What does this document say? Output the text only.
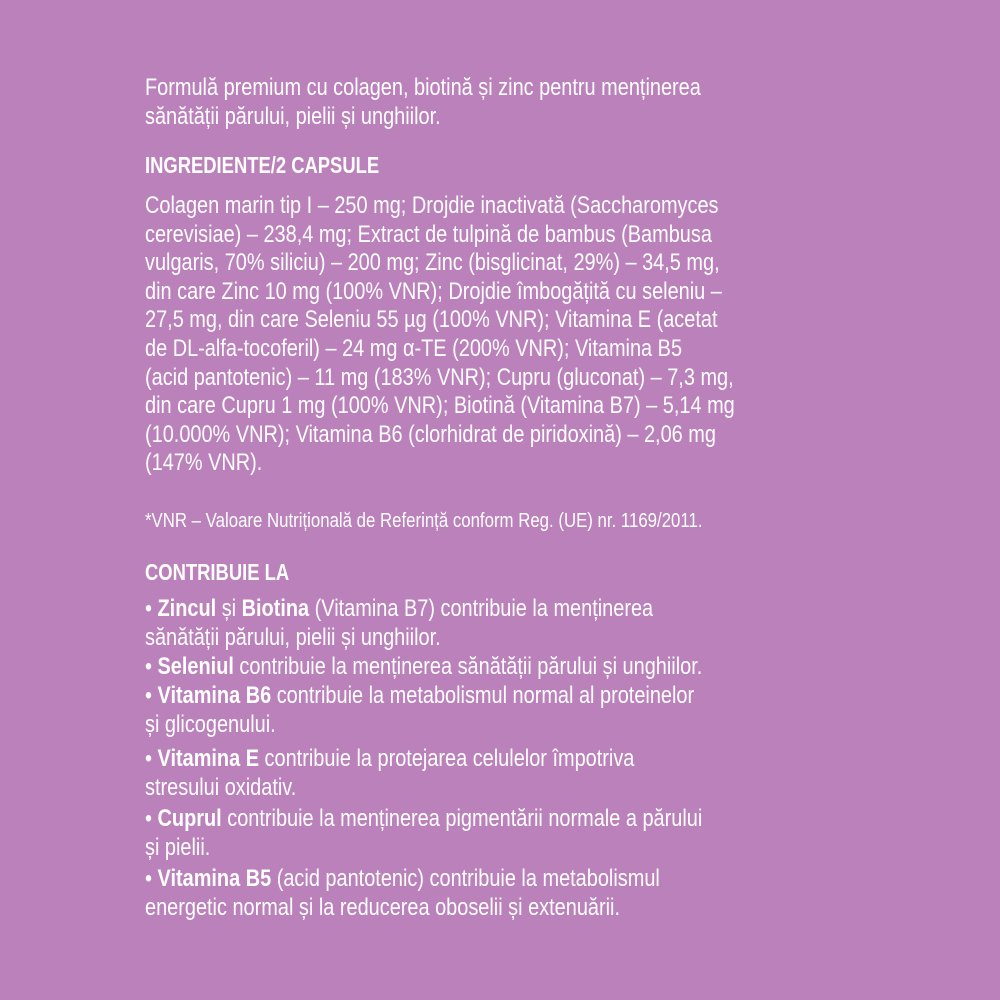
Formulă premium cu colagen, biotină și zinc pentru menținerea
sănătății părului, pielii și unghiilor.
INGREDIENTE/2 CAPSULE
Colagen marin tip I – 250 mg; Drojdie inactivată (Saccharomyces
cerevisiae) – 238,4 mg; Extract de tulpină de bambus (Bambusa
vulgaris, 70% siliciu) – 200 mg; Zinc (bisglicinat, 29%) – 34,5 mg,
din care Zinc 10 mg (100% VNR); Drojdie îmbogățită cu seleniu –
27,5 mg, din care Seleniu 55 µg (100% VNR); Vitamina E (acetat
de DL-alfa-tocoferil) – 24 mg α-TE (200% VNR); Vitamina B5
(acid pantotenic) – 11 mg (183% VNR); Cupru (gluconat) – 7,3 mg,
din care Cupru 1 mg (100% VNR); Biotină (Vitamina B7) – 5,14 mg
(10.000% VNR); Vitamina B6 (clorhidrat de piridoxină) – 2,06 mg
(147% VNR).
*VNR – Valoare Nutrițională de Referință conform Reg. (UE) nr. 1169/2011.
CONTRIBUIE LA
• Zincul și Biotina (Vitamina B7) contribuie la menținerea
sănătății părului, pielii și unghiilor.
• Seleniul contribuie la menținerea sănătății părului și unghiilor.
• Vitamina B6 contribuie la metabolismul normal al proteinelor
și glicogenului.
• Vitamina E contribuie la protejarea celulelor împotriva
stresului oxidativ.
• Cuprul contribuie la menținerea pigmentării normale a părului
și pielii.
• Vitamina B5 (acid pantotenic) contribuie la metabolismul
energetic normal și la reducerea oboselii și extenuării.
